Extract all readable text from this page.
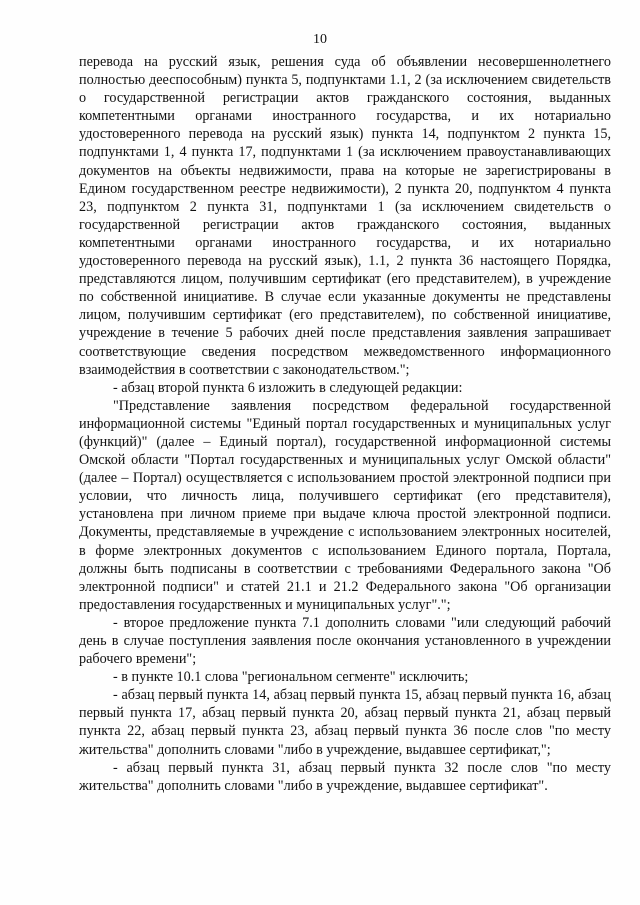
10

перевода на русский язык, решения суда об объявлении несовершеннолетнего полностью дееспособным) пункта 5, подпунктами 1.1, 2 (за исключением свидетельств о государственной регистрации актов гражданского состояния, выданных компетентными органами иностранного государства, и их нотариально удостоверенного перевода на русский язык) пункта 14, подпунктом 2 пункта 15, подпунктами 1, 4 пункта 17, подпунктами 1 (за исключением правоустанавливающих документов на объекты недвижимости, права на которые не зарегистрированы в Едином государственном реестре недвижимости), 2 пункта 20, подпунктом 4 пункта 23, подпунктом 2 пункта 31, подпунктами 1 (за исключением свидетельств о государственной регистрации актов гражданского состояния, выданных компетентными органами иностранного государства, и их нотариально удостоверенного перевода на русский язык), 1.1, 2 пункта 36 настоящего Порядка, представляются лицом, получившим сертификат (его представителем), в учреждение по собственной инициативе. В случае если указанные документы не представлены лицом, получившим сертификат (его представителем), по собственной инициативе, учреждение в течение 5 рабочих дней после представления заявления запрашивает соответствующие сведения посредством межведомственного информационного взаимодействия в соответствии с законодательством.";

- абзац второй пункта 6 изложить в следующей редакции:

"Представление заявления посредством федеральной государственной информационной системы "Единый портал государственных и муниципальных услуг (функций)" (далее – Единый портал), государственной информационной системы Омской области "Портал государственных и муниципальных услуг Омской области" (далее – Портал) осуществляется с использованием простой электронной подписи при условии, что личность лица, получившего сертификат (его представителя), установлена при личном приеме при выдаче ключа простой электронной подписи. Документы, представляемые в учреждение с использованием электронных носителей, в форме электронных документов с использованием Единого портала, Портала, должны быть подписаны в соответствии с требованиями Федерального закона "Об электронной подписи" и статей 21.1 и 21.2 Федерального закона "Об организации предоставления государственных и муниципальных услуг".";

- второе предложение пункта 7.1 дополнить словами "или следующий рабочий день в случае поступления заявления после окончания установленного в учреждении рабочего времени";

- в пункте 10.1 слова "региональном сегменте" исключить;

- абзац первый пункта 14, абзац первый пункта 15, абзац первый пункта 16, абзац первый пункта 17, абзац первый пункта 20, абзац первый пункта 21, абзац первый пункта 22, абзац первый пункта 23, абзац первый пункта 36 после слов "по месту жительства" дополнить словами "либо в учреждение, выдавшее сертификат,";

- абзац первый пункта 31, абзац первый пункта 32 после слов "по месту жительства" дополнить словами "либо в учреждение, выдавшее сертификат".
